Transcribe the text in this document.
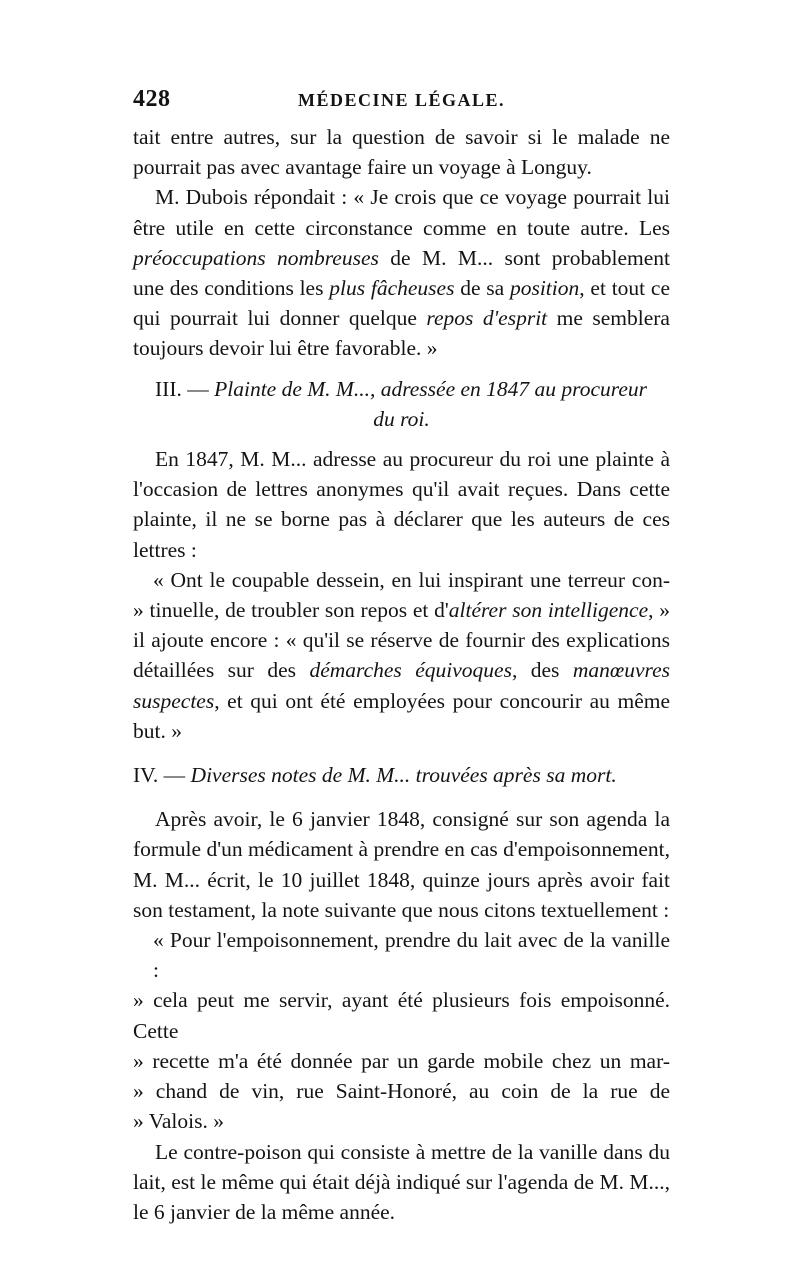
428	MÉDECINE LÉGALE.

tait entre autres, sur la question de savoir si le malade ne pourrait pas avec avantage faire un voyage à Longuy.

M. Dubois répondait : « Je crois que ce voyage pourrait lui être utile en cette circonstance comme en toute autre. Les préoccupations nombreuses de M. M... sont probablement une des conditions les plus fâcheuses de sa position, et tout ce qui pourrait lui donner quelque repos d'esprit me semblera toujours devoir lui être favorable. »

III. — Plainte de M. M..., adressée en 1847 au procureur

du roi.

En 1847, M. M... adresse au procureur du roi une plainte à l'occasion de lettres anonymes qu'il avait reçues. Dans cette plainte, il ne se borne pas à déclarer que les auteurs de ces lettres :

« Ont le coupable dessein, en lui inspirant une terreur con-

» tinuelle, de troubler son repos et d'altérer son intelligence, »

il ajoute encore : « qu'il se réserve de fournir des explications détaillées sur des démarches équivoques, des manœuvres suspectes, et qui ont été employées pour concourir au même but. »

IV. — Diverses notes de M. M... trouvées après sa mort.

Après avoir, le 6 janvier 1848, consigné sur son agenda la formule d'un médicament à prendre en cas d'empoisonnement, M. M... écrit, le 10 juillet 1848, quinze jours après avoir fait son testament, la note suivante que nous citons textuellement :

« Pour l'empoisonnement, prendre du lait avec de la vanille :

» cela peut me servir, ayant été plusieurs fois empoisonné. Cette

» recette m'a été donnée par un garde mobile chez un mar-

» chand de vin, rue Saint-Honoré, au coin de la rue de

» Valois. »

Le contre-poison qui consiste à mettre de la vanille dans du lait, est le même qui était déjà indiqué sur l'agenda de M. M..., le 6 janvier de la même année.
